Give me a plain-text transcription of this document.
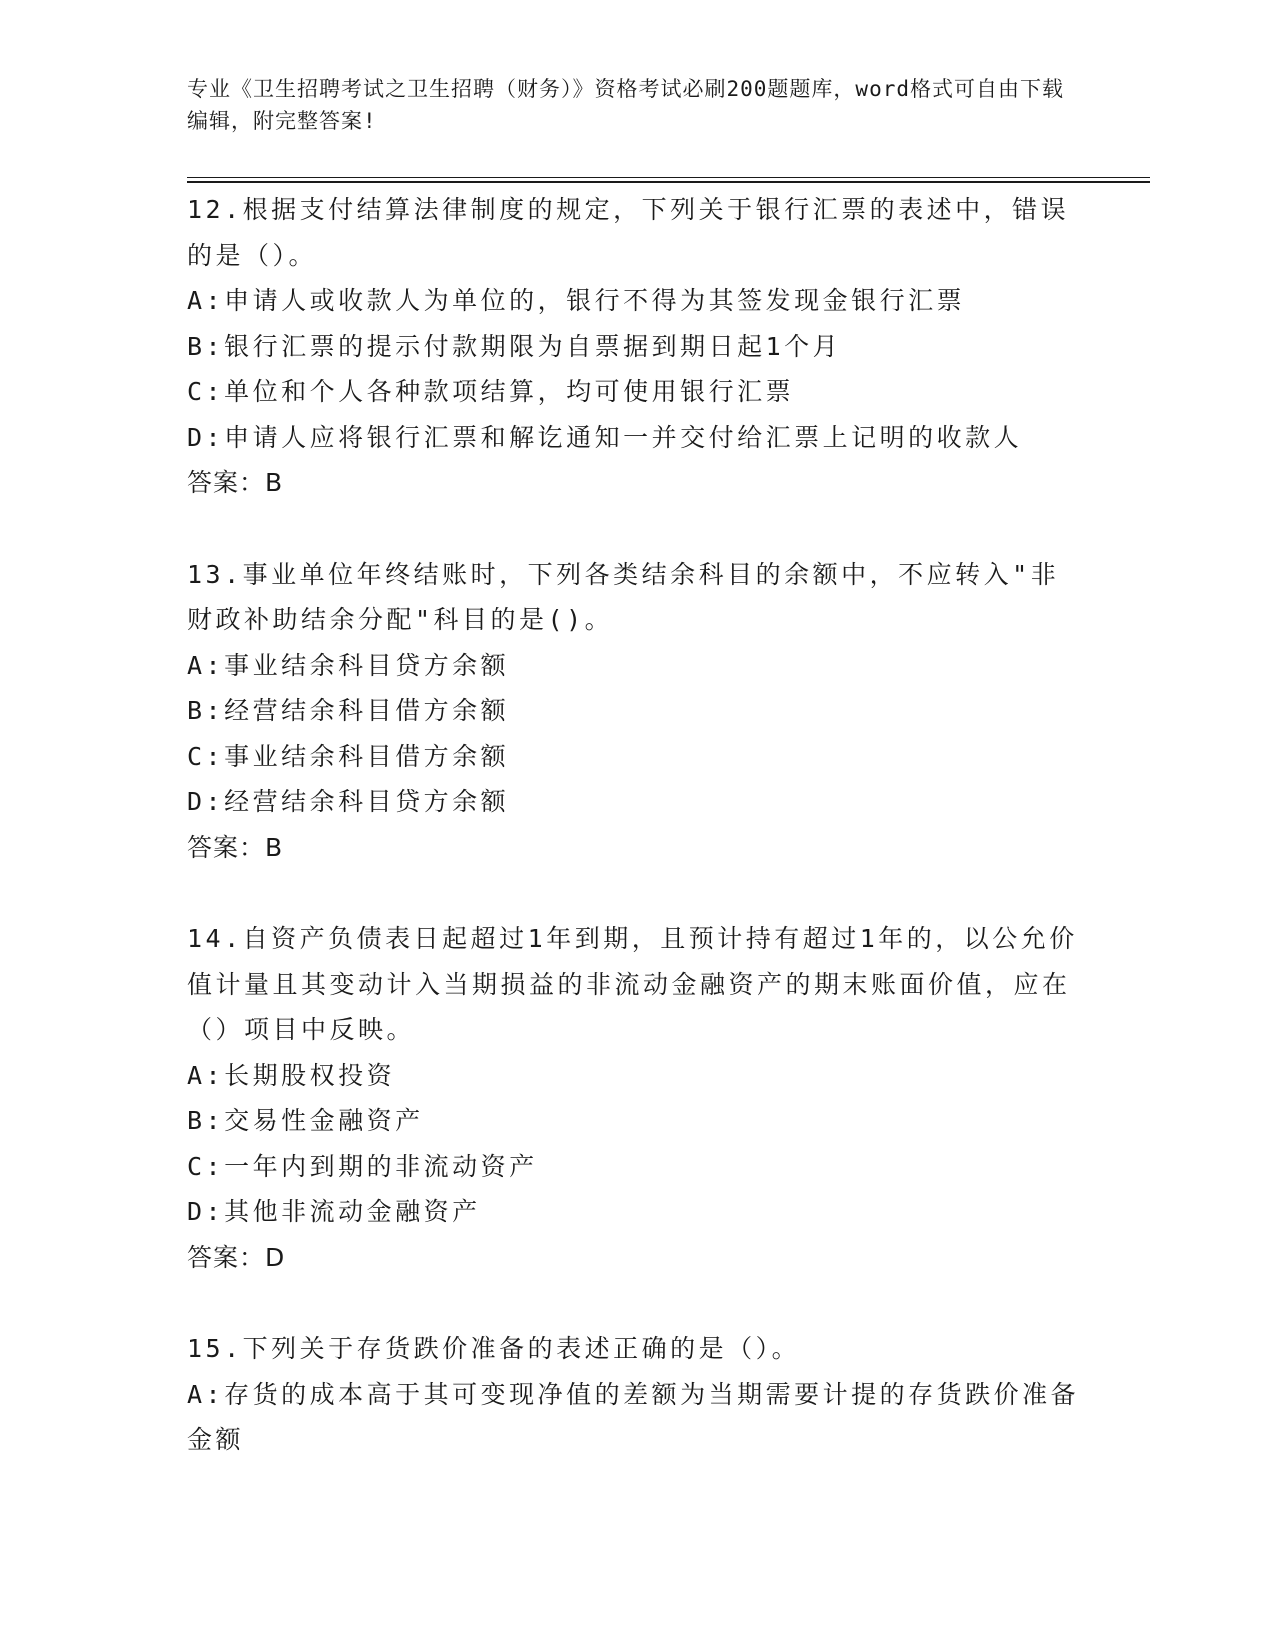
专业《卫生招聘考试之卫生招聘（财务）》资格考试必刷200题题库，word格式可自由下载编辑，附完整答案!
12.根据支付结算法律制度的规定，下列关于银行汇票的表述中，错误的是（）。
A:申请人或收款人为单位的，银行不得为其签发现金银行汇票
B:银行汇票的提示付款期限为自票据到期日起1个月
C:单位和个人各种款项结算，均可使用银行汇票
D:申请人应将银行汇票和解讫通知一并交付给汇票上记明的收款人
答案：B
13.事业单位年终结账时，下列各类结余科目的余额中，不应转入"非财政补助结余分配"科目的是()。
A:事业结余科目贷方余额
B:经营结余科目借方余额
C:事业结余科目借方余额
D:经营结余科目贷方余额
答案：B
14.自资产负债表日起超过1年到期，且预计持有超过1年的，以公允价值计量且其变动计入当期损益的非流动金融资产的期末账面价值，应在（）项目中反映。
A:长期股权投资
B:交易性金融资产
C:一年内到期的非流动资产
D:其他非流动金融资产
答案：D
15.下列关于存货跌价准备的表述正确的是（）。
A:存货的成本高于其可变现净值的差额为当期需要计提的存货跌价准备金额
